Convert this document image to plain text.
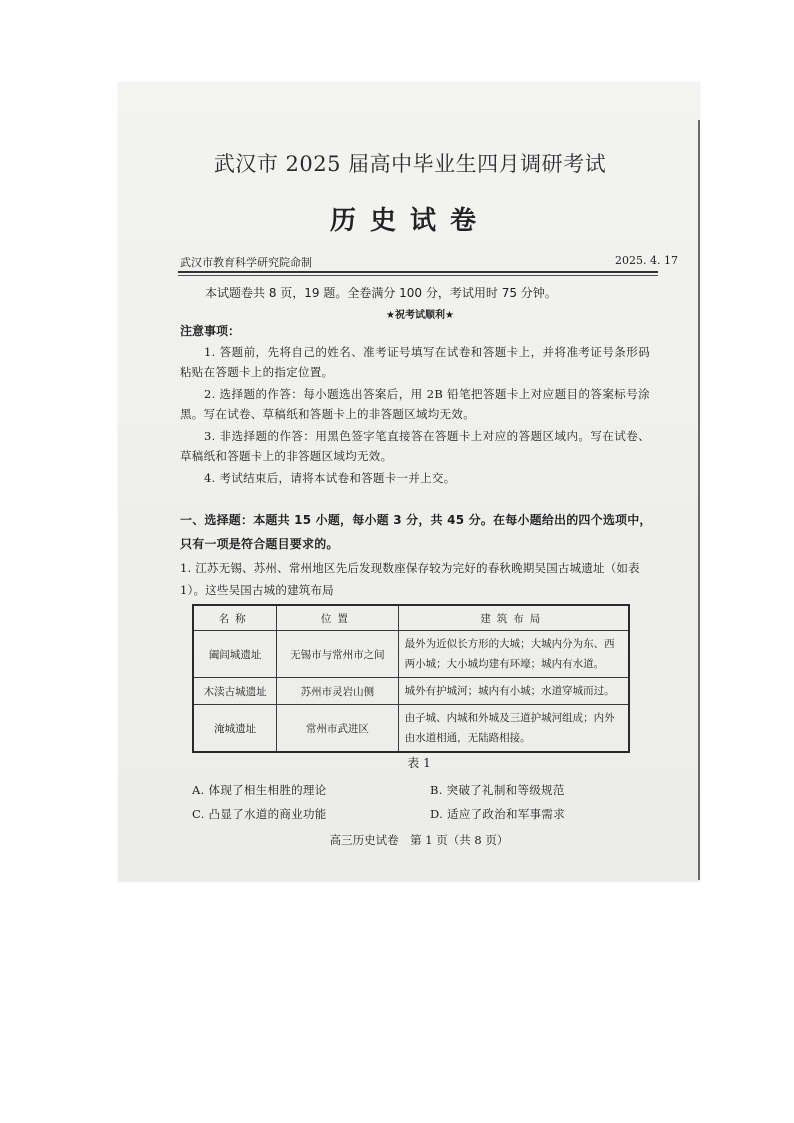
武汉市 2025 届高中毕业生四月调研考试
历史试卷
武汉市教育科学研究院命制	2025. 4. 17
本试题卷共 8 页，19 题。全卷满分 100 分，考试用时 75 分钟。
★祝考试顺利★
注意事项：
1. 答题前，先将自己的姓名、准考证号填写在试卷和答题卡上，并将准考证号条形码粘贴在答题卡上的指定位置。
2. 选择题的作答：每小题选出答案后，用 2B 铅笔把答题卡上对应题目的答案标号涂黑。写在试卷、草稿纸和答题卡上的非答题区域均无效。
3. 非选择题的作答：用黑色签字笔直接答在答题卡上对应的答题区域内。写在试卷、草稿纸和答题卡上的非答题区域均无效。
4. 考试结束后，请将本试卷和答题卡一并上交。
一、选择题：本题共 15 小题，每小题 3 分，共 45 分。在每小题给出的四个选项中，只有一项是符合题目要求的。
1. 江苏无锡、苏州、常州地区先后发现数座保存较为完好的春秋晚期吴国古城遗址（如表 1）。这些吴国古城的建筑布局
名称	位置	建筑布局
阖闾城遗址	无锡市与常州市之间	最外为近似长方形的大城；大城内分为东、西两小城；大小城均建有环壕；城内有水道。
木渎古城遗址	苏州市灵岩山侧	城外有护城河；城内有小城；水道穿城而过。
淹城遗址	常州市武进区	由子城、内城和外城及三道护城河组成；内外由水道相通，无陆路相接。
表 1
A. 体现了相生相胜的理论	B. 突破了礼制和等级规范
C. 凸显了水道的商业功能	D. 适应了政治和军事需求
高三历史试卷　第 1 页（共 8 页）
